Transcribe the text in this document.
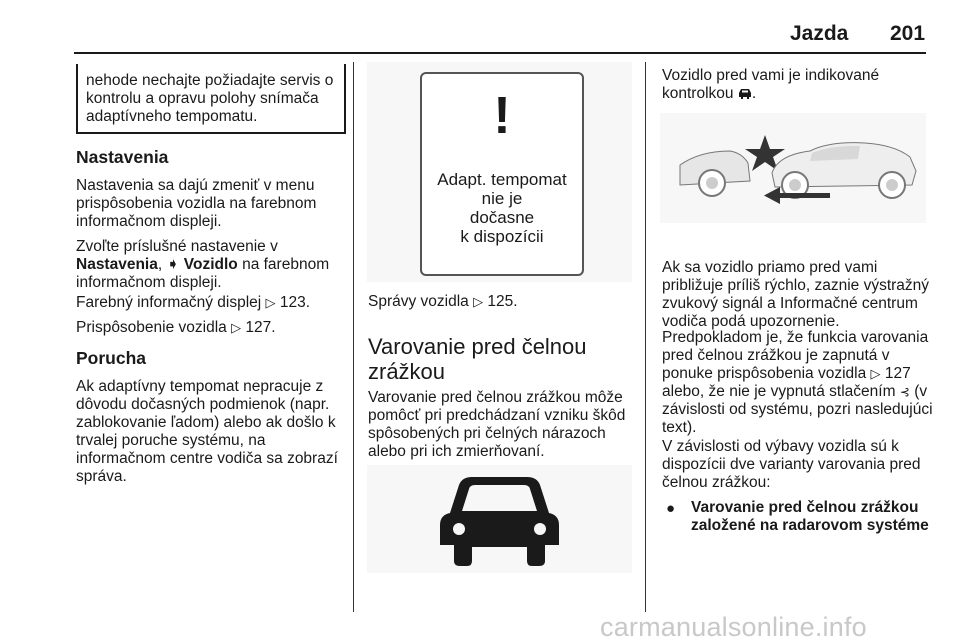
Jazda 201
nehode nechajte požiadajte servis o kontrolu a opravu polohy snímača adaptívneho tempomatu.
Nastavenia
Nastavenia sa dajú zmeniť v menu prispôsobenia vozidla na farebnom informačnom displeji.
Zvoľte príslušné nastavenie v
Nastavenia, ➧ Vozidlo na farebnom informačnom displeji.
Farebný informačný displej ▷ 123.
Prispôsobenie vozidla ▷ 127.
Porucha
Ak adaptívny tempomat nepracuje z dôvodu dočasných podmienok (napr. zablokovanie ľadom) alebo ak došlo k trvalej poruche systému, na informačnom centre vodiča sa zobrazí správa.
!
Adapt. tempomat
nie je
dočasne
k dispozícii
Správy vozidla ▷ 125.
Varovanie pred čelnou
zrážkou
Varovanie pred čelnou zrážkou môže pomôcť pri predchádzaní vzniku škôd spôsobených pri čelných nárazoch alebo pri ich zmierňovaní.
Vozidlo pred vami je indikované
kontrolkou .
Ak sa vozidlo priamo pred vami približuje príliš rýchlo, zaznie výstražný zvukový signál a Informačné centrum vodiča podá upozornenie.
Predpokladom je, že funkcia varovania pred čelnou zrážkou je zapnutá v ponuke prispôsobenia vozidla ▷ 127 alebo, že nie je vypnutá stlačením ⊰ (v závislosti od systému, pozri nasledujúci text).
V závislosti od výbavy vozidla sú k dispozícii dve varianty varovania pred čelnou zrážkou:
● Varovanie pred čelnou zrážkou
založené na radarovom systéme
carmanualsonline.info
